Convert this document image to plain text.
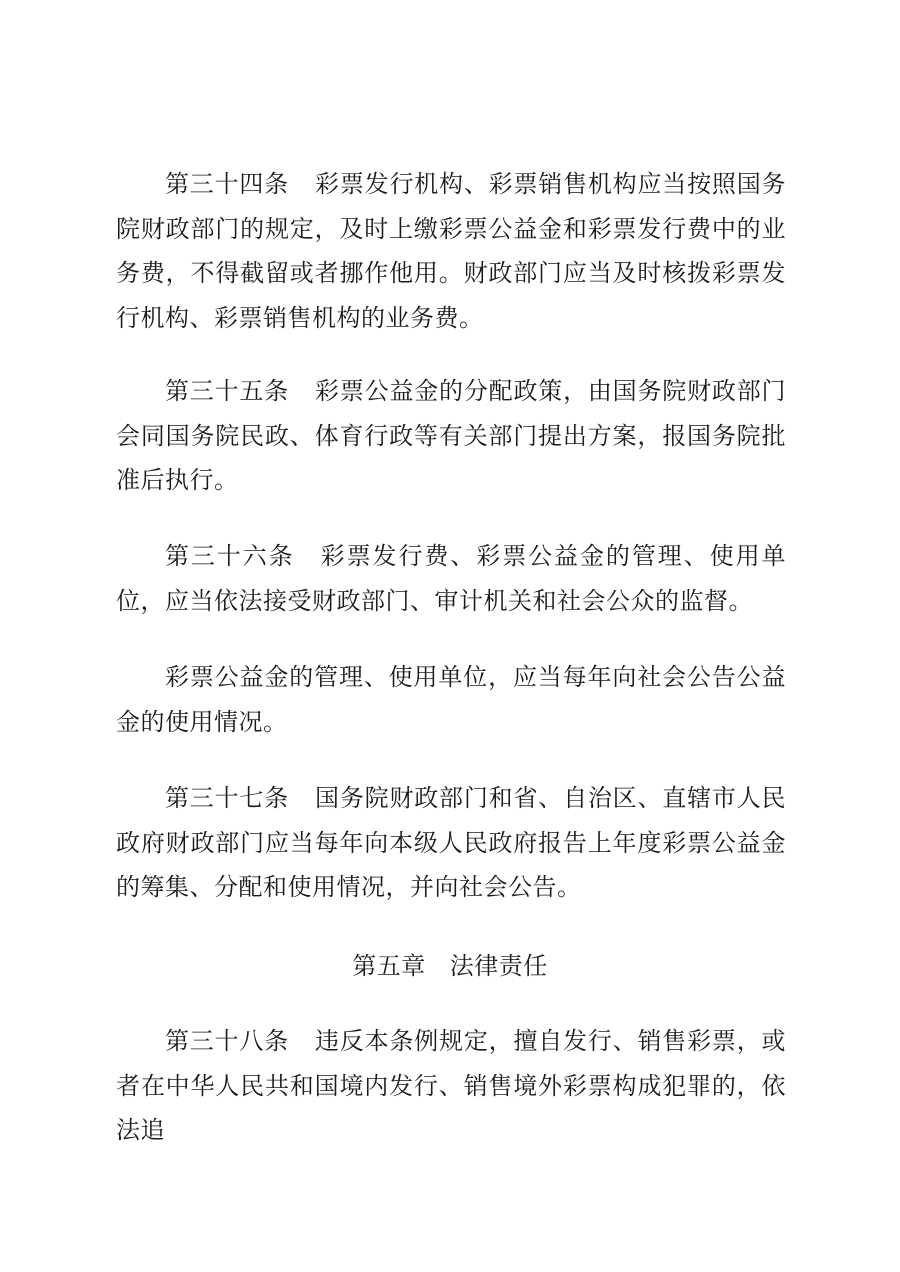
第三十四条 彩票发行机构、彩票销售机构应当按照国务院财政部门的规定，及时上缴彩票公益金和彩票发行费中的业务费，不得截留或者挪作他用。财政部门应当及时核拨彩票发行机构、彩票销售机构的业务费。

第三十五条 彩票公益金的分配政策，由国务院财政部门会同国务院民政、体育行政等有关部门提出方案，报国务院批准后执行。

第三十六条 彩票发行费、彩票公益金的管理、使用单位，应当依法接受财政部门、审计机关和社会公众的监督。

彩票公益金的管理、使用单位，应当每年向社会公告公益金的使用情况。

第三十七条 国务院财政部门和省、自治区、直辖市人民政府财政部门应当每年向本级人民政府报告上年度彩票公益金的筹集、分配和使用情况，并向社会公告。

第五章 法律责任

第三十八条 违反本条例规定，擅自发行、销售彩票，或者在中华人民共和国境内发行、销售境外彩票构成犯罪的，依法追
